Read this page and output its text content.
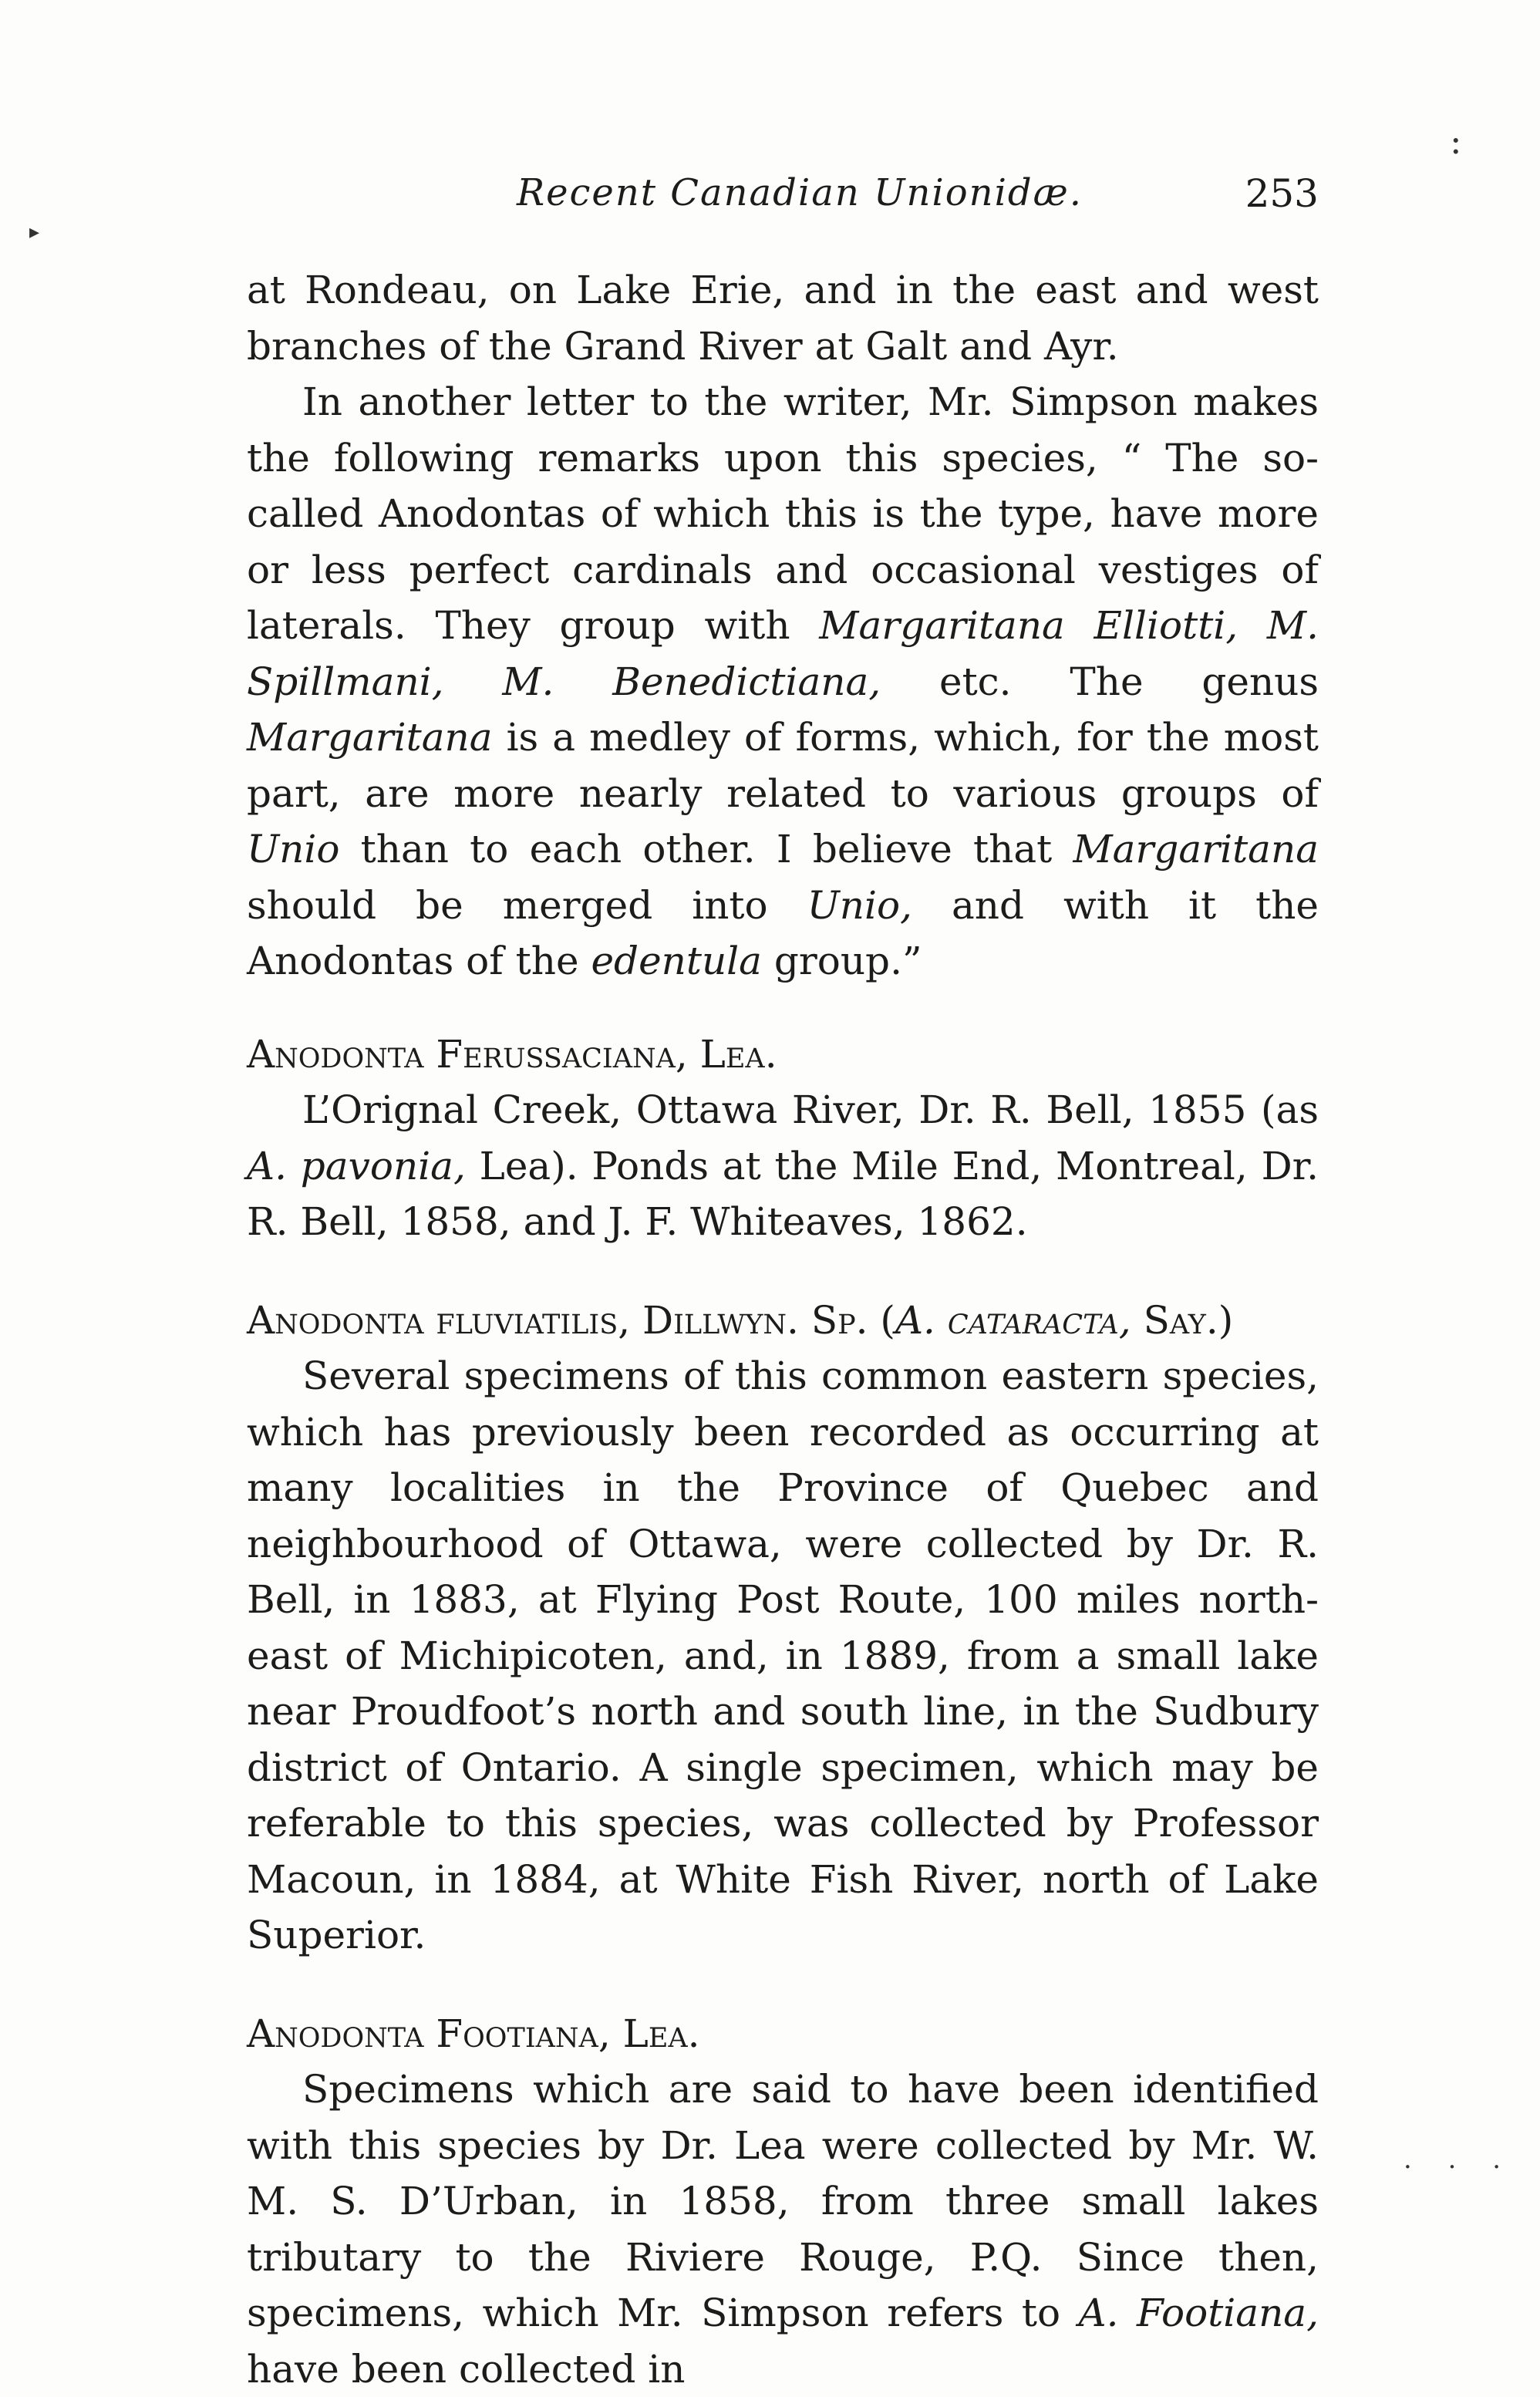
▸
:
Recent Canadian Unionidæ.	253

at Rondeau, on Lake Erie, and in the east and west branches of the Grand River at Galt and Ayr.

In another letter to the writer, Mr. Simpson makes the following remarks upon this species, “ The so-called Anodontas of which this is the type, have more or less perfect cardinals and occasional vestiges of laterals. They group with Margaritana Elliotti, M. Spillmani, M. Benedictiana, etc. The genus Margaritana is a medley of forms, which, for the most part, are more nearly related to various groups of Unio than to each other. I believe that Margaritana should be merged into Unio, and with it the Anodontas of the edentula group.”

Anodonta Ferussaciana, Lea.

L’Orignal Creek, Ottawa River, Dr. R. Bell, 1855 (as A. pavonia, Lea). Ponds at the Mile End, Montreal, Dr. R. Bell, 1858, and J. F. Whiteaves, 1862.

Anodonta fluviatilis, Dillwyn. Sp. (A. cataracta, Say.)

Several specimens of this common eastern species, which has previously been recorded as occurring at many localities in the Province of Quebec and neighbourhood of Ottawa, were collected by Dr. R. Bell, in 1883, at Flying Post Route, 100 miles north-east of Michipicoten, and, in 1889, from a small lake near Proudfoot’s north and south line, in the Sudbury district of Ontario. A single specimen, which may be referable to this species, was collected by Professor Macoun, in 1884, at White Fish River, north of Lake Superior.

Anodonta Footiana, Lea.

Specimens which are said to have been identified with this species by Dr. Lea were collected by Mr. W. M. S. D’Urban, in 1858, from three small lakes tributary to the Riviere Rouge, P.Q. Since then, specimens, which Mr. Simpson refers to A. Footiana, have been collected in

· · ·
